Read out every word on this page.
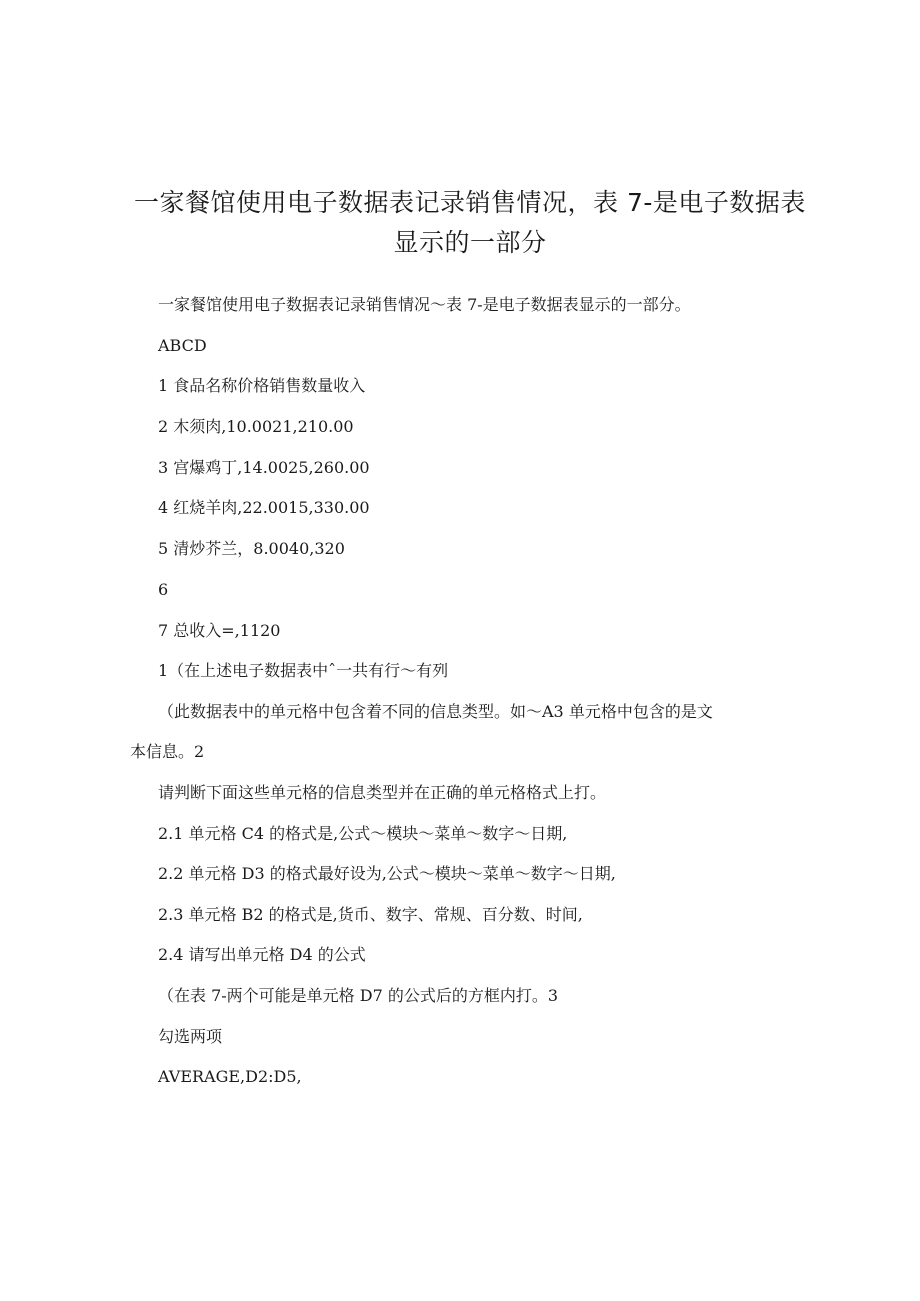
一家餐馆使用电子数据表记录销售情况，表 7-是电子数据表
显示的一部分
一家餐馆使用电子数据表记录销售情况～表 7-是电子数据表显示的一部分。
ABCD
1 食品名称价格销售数量收入
2 木须肉,10.0021,210.00
3 宫爆鸡丁,14.0025,260.00
4 红烧羊肉,22.0015,330.00
5 清炒芥兰，8.0040,320
6
7 总收入=,1120
1（在上述电子数据表中ˆ一共有行～有列
（此数据表中的单元格中包含着不同的信息类型。如～A3 单元格中包含的是文
本信息。2
请判断下面这些单元格的信息类型并在正确的单元格格式上打。
2.1 单元格 C4 的格式是,公式～模块～菜单～数字～日期,
2.2 单元格 D3 的格式最好设为,公式～模块～菜单～数字～日期,
2.3 单元格 B2 的格式是,货币、数字、常规、百分数、时间,
2.4 请写出单元格 D4 的公式
（在表 7-两个可能是单元格 D7 的公式后的方框内打。3
勾选两项
AVERAGE,D2:D5,
